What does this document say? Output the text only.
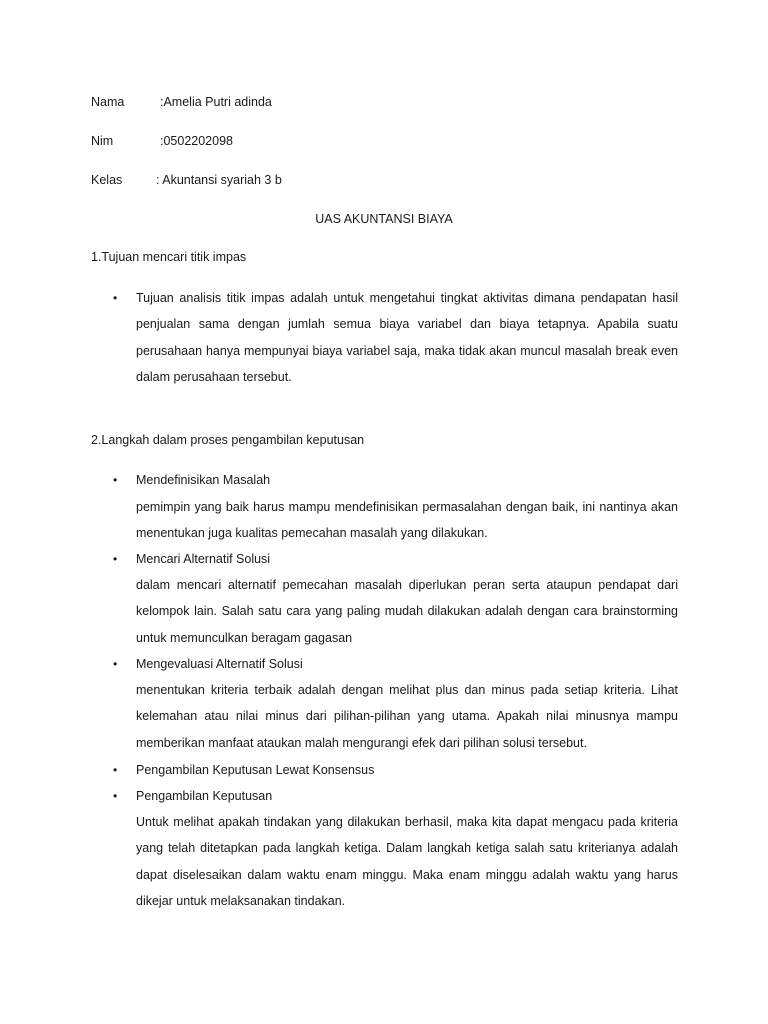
Nama	:Amelia Putri adinda
Nim	:0502202098
Kelas	: Akuntansi syariah 3 b
UAS AKUNTANSI BIAYA
1.Tujuan mencari titik impas
• Tujuan analisis titik impas adalah untuk mengetahui tingkat aktivitas dimana pendapatan hasil penjualan sama dengan jumlah semua biaya variabel dan biaya tetapnya. Apabila suatu perusahaan hanya mempunyai biaya variabel saja, maka tidak akan muncul masalah break even dalam perusahaan tersebut.

2.Langkah dalam proses pengambilan keputusan
• Mendefinisikan Masalah

pemimpin yang baik harus mampu mendefinisikan permasalahan dengan baik, ini nantinya akan menentukan juga kualitas pemecahan masalah yang dilakukan.

• Mencari Alternatif Solusi

dalam mencari alternatif pemecahan masalah diperlukan peran serta ataupun pendapat dari kelompok lain. Salah satu cara yang paling mudah dilakukan adalah dengan cara brainstorming untuk memunculkan beragam gagasan

• Mengevaluasi Alternatif Solusi

menentukan kriteria terbaik adalah dengan melihat plus dan minus pada setiap kriteria. Lihat kelemahan atau nilai minus dari pilihan-pilihan yang utama. Apakah nilai minusnya mampu memberikan manfaat ataukan malah mengurangi efek dari pilihan solusi tersebut.

• Pengambilan Keputusan Lewat Konsensus
• Pengambilan Keputusan

Untuk melihat apakah tindakan yang dilakukan berhasil, maka kita dapat mengacu pada kriteria yang telah ditetapkan pada langkah ketiga. Dalam langkah ketiga salah satu kriterianya adalah dapat diselesaikan dalam waktu enam minggu. Maka enam minggu adalah waktu yang harus dikejar untuk melaksanakan tindakan.
